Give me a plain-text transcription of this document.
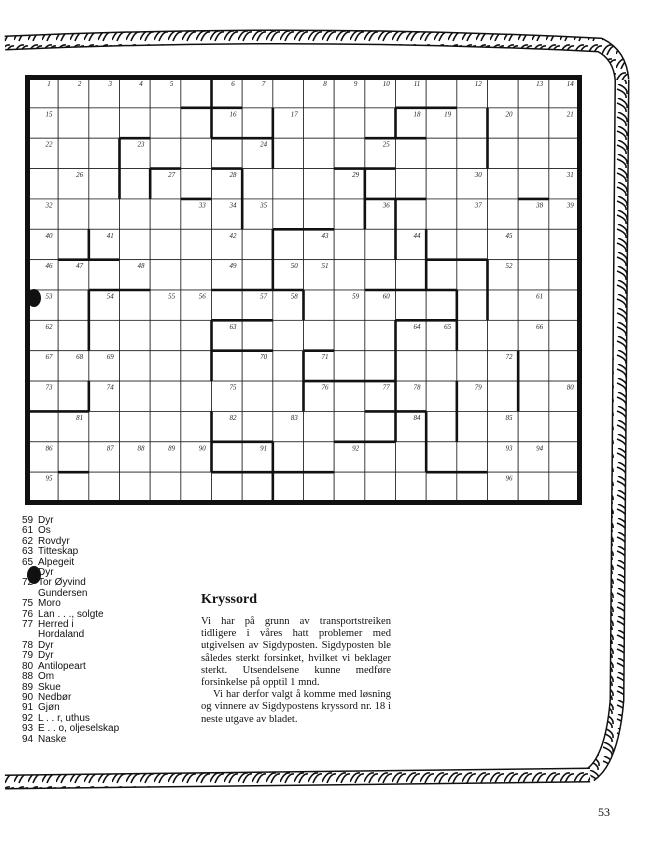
1	2	3	4	5	6	7	8	9	10	11	12	13	14
15	16	17	18	19	20	21
22	23	24	25
26	27	28	29	30	31
32	33	34	35	36	37	38	39
40	41	42	43	44	45
46	47	48	49	50	51	52
53	54	55	56	57	58	59	60	61
62	63	64	65	66
67	68	69	70	71	72
73	74	75	76	77	78	79	80
81	82	83	84	85
86	87	88	89	90	91	92	93	94
95	96
59 Dyr
61 Os
62 Rovdyr
63 Titteskap
65 Alpegeit
Dyr
72 Tor Øyvind Gundersen
75 Moro
76 Lan . . ., solgte
77 Herred i Hordaland
78 Dyr
79 Dyr
80 Antilopeart
88 Om
89 Skue
90 Nedbør
91 Gjøn
92 L . . r, uthus
93 E . . o, oljeselskap
94 Naske
Kryssord

Vi har på grunn av transportstreiken tidligere i våres hatt problemer med utgivelsen av Sigdyposten. Sigdyposten ble således sterkt forsinket, hvilket vi beklager sterkt. Utsendelsene kunne medføre forsinkelse på opptil 1 mnd.

Vi har derfor valgt å komme med løsning og vinnere av Sigdypostens kryssord nr. 18 i neste utgave av bladet.

53
